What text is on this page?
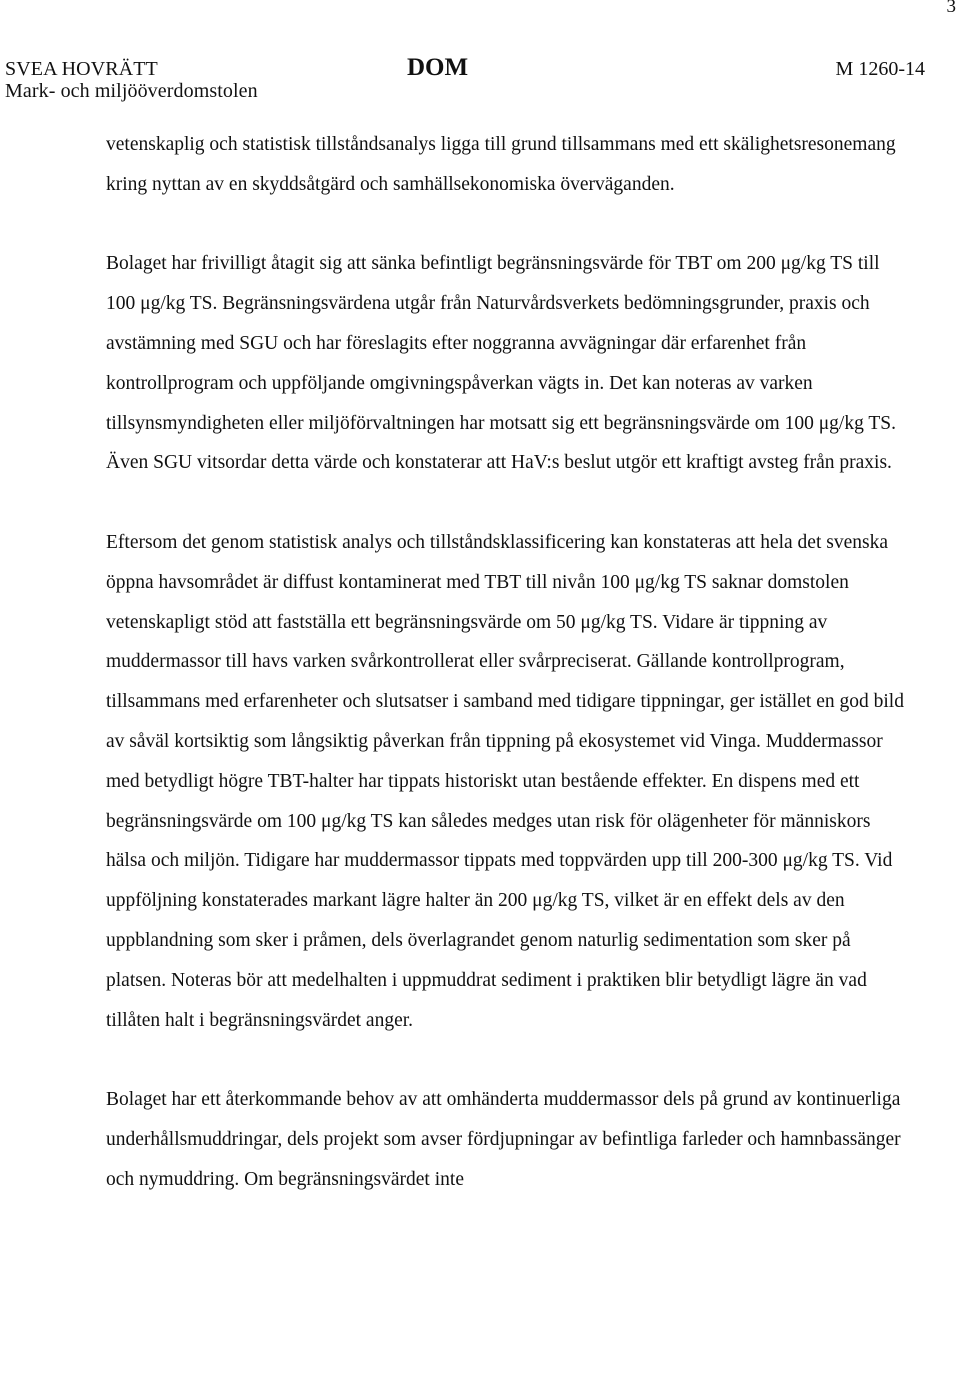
3
SVEA HOVRÄTT
Mark- och miljööverdomstolen
DOM	M 1260-14

vetenskaplig och statistisk tillståndsanalys ligga till grund tillsammans med ett skälighetsresonemang kring nyttan av en skyddsåtgärd och samhällsekonomiska överväganden.

Bolaget har frivilligt åtagit sig att sänka befintligt begränsningsvärde för TBT om 200 μg/kg TS till 100 μg/kg TS. Begränsningsvärdena utgår från Naturvårdsverkets bedömningsgrunder, praxis och avstämning med SGU och har föreslagits efter noggranna avvägningar där erfarenhet från kontrollprogram och uppföljande omgivningspåverkan vägts in. Det kan noteras av varken tillsynsmyndigheten eller miljöförvaltningen har motsatt sig ett begränsningsvärde om 100 μg/kg TS. Även SGU vitsordar detta värde och konstaterar att HaV:s beslut utgör ett kraftigt avsteg från praxis.

Eftersom det genom statistisk analys och tillståndsklassificering kan konstateras att hela det svenska öppna havsområdet är diffust kontaminerat med TBT till nivån 100 μg/kg TS saknar domstolen vetenskapligt stöd att fastställa ett begränsningsvärde om 50 μg/kg TS. Vidare är tippning av muddermassor till havs varken svårkontrollerat eller svårpreciserat. Gällande kontrollprogram, tillsammans med erfarenheter och slutsatser i samband med tidigare tippningar, ger istället en god bild av såväl kortsiktig som långsiktig påverkan från tippning på ekosystemet vid Vinga. Muddermassor med betydligt högre TBT-halter har tippats historiskt utan bestående effekter. En dispens med ett begränsningsvärde om 100 μg/kg TS kan således medges utan risk för olägenheter för människors hälsa och miljön. Tidigare har muddermassor tippats med toppvärden upp till 200-300 μg/kg TS. Vid uppföljning konstaterades markant lägre halter än 200 μg/kg TS, vilket är en effekt dels av den uppblandning som sker i pråmen, dels överlagrandet genom naturlig sedimentation som sker på platsen. Noteras bör att medelhalten i uppmuddrat sediment i praktiken blir betydligt lägre än vad tillåten halt i begränsningsvärdet anger.

Bolaget har ett återkommande behov av att omhänderta muddermassor dels på grund av kontinuerliga underhållsmuddringar, dels projekt som avser fördjupningar av befintliga farleder och hamnbassänger och nymuddring. Om begränsningsvärdet inte
